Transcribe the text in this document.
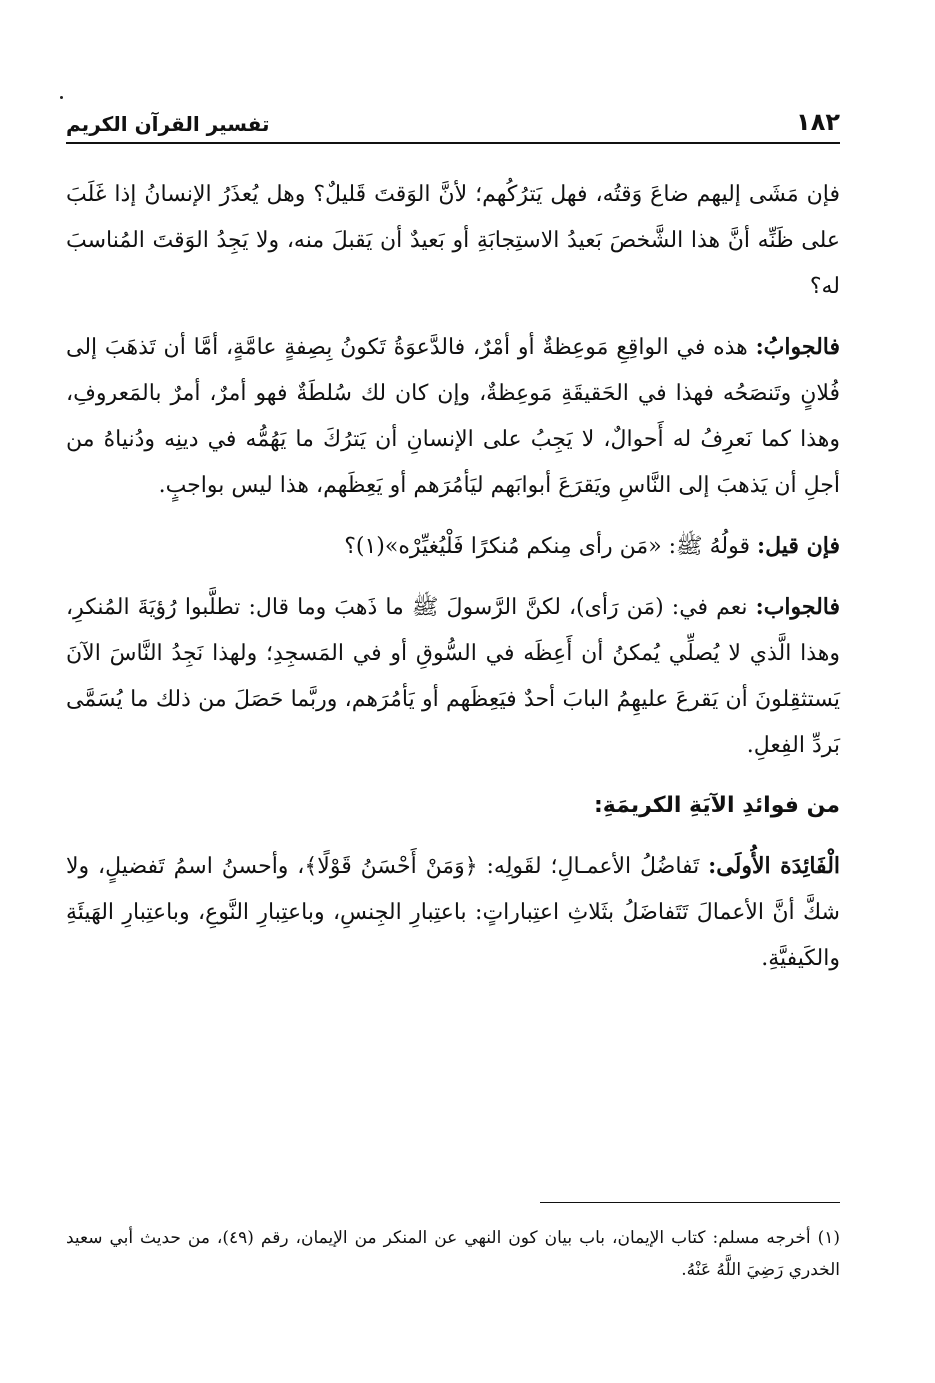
١٨٢
تفسير القرآن الكريم

فإن مَشَى إليهم ضاعَ وَقتُه، فهل يَترُكُهم؛ لأنَّ الوَقتَ قَليلٌ؟ وهل يُعذَرُ الإنسانُ إذا غَلَبَ على ظَنِّه أنَّ هذا الشَّخصَ بَعيدُ الاستِجابَةِ أو بَعيدٌ أن يَقبلَ منه، ولا يَجِدُ الوَقتَ المُناسبَ له؟

فالجوابُ: هذه في الواقِعِ مَوعِظةٌ أو أمْرٌ، فالدَّعوَةُ تَكونُ بِصِفةٍ عامَّةٍ، أمَّا أن تَذهَبَ إلى فُلانٍ وتَنصَحُه فهذا في الحَقيقَةِ مَوعِظةٌ، وإن كان لك سُلطَةٌ فهو أمرٌ، أمرٌ بالمَعروفِ، وهذا كما نَعرِفُ له أَحوالٌ، لا يَجِبُ على الإنسانِ أن يَترُكَ ما يَهُمُّه في دينِه ودُنياهُ من أجلِ أن يَذهبَ إلى النَّاسِ ويَقرَعَ أبوابَهم ليَأمُرَهم أو يَعِظَهم، هذا ليس بواجبٍ.

فإن قيل: قولُهُ ﷺ: «مَن رأى مِنكم مُنكرًا فَلْيُغيِّرْه»(١)؟

فالجواب: نعم في: (مَن رَأى)، لكنَّ الرَّسولَ ﷺ ما ذَهبَ وما قال: تطلَّبوا رُؤيَةَ المُنكرِ، وهذا الَّذي لا يُصلِّي يُمكنُ أن أَعِظَه في السُّوقِ أو في المَسجِدِ؛ ولهذا نَجِدُ النَّاسَ الآنَ يَستثقِلونَ أن يَقرعَ عليهِمُ البابَ أحدٌ فيَعِظَهم أو يَأمُرَهم، وربَّما حَصَلَ من ذلك ما يُسَمَّى بَردِّ الفِعلِ.

من فوائدِ الآيَةِ الكريمَةِ:

الْفَائِدَة الأُولَى: تَفاضُلُ الأعمـالِ؛ لقَولِه: ﴿وَمَنْ أَحْسَنُ قَوْلًا﴾، وأحسنُ اسمُ تَفضيلٍ، ولا شكَّ أنَّ الأعمالَ تَتَفاضَلُ بثَلاثِ اعتِباراتٍ: باعتِبارِ الجِنسِ، وباعتِبارِ النَّوعِ، وباعتِبارِ الهَيئَةِ والكَيفيَّةِ.

(١) أخرجه مسلم: كتاب الإيمان، باب بيان كون النهي عن المنكر من الإيمان، رقم (٤٩)، من حديث أبي سعيد الخدري رَضِيَ اللَّهُ عَنْهُ.
